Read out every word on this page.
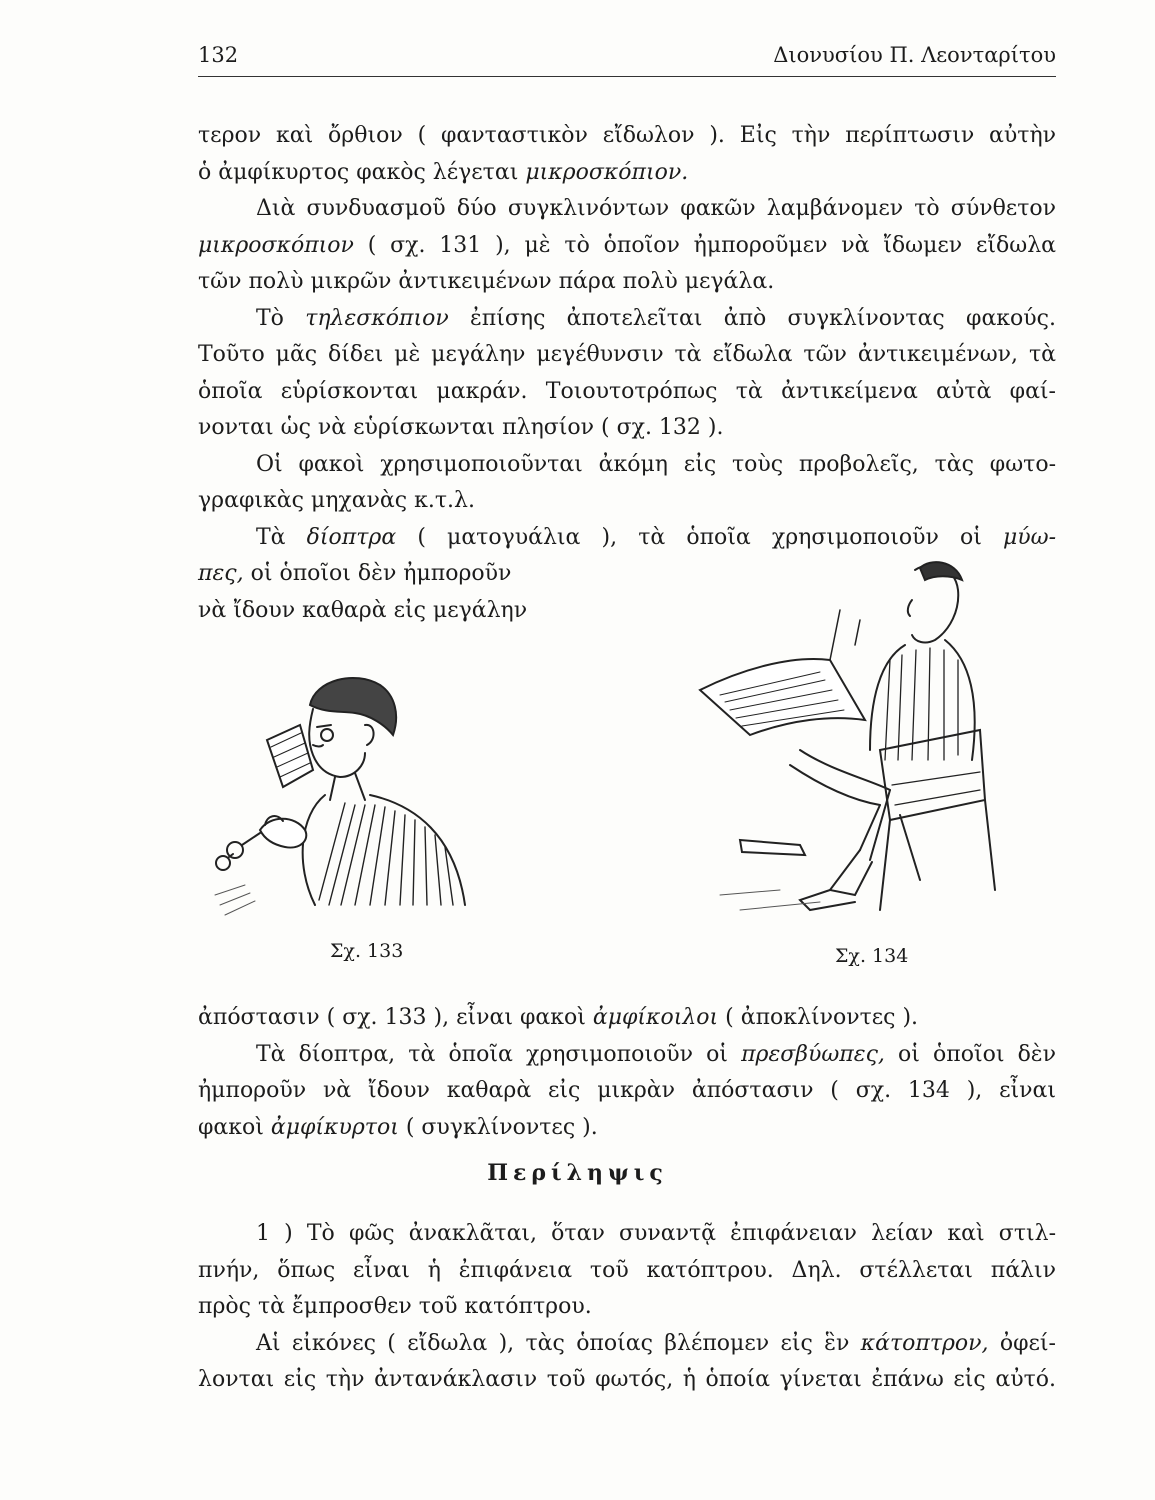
132	Διονυσίου Π. Λεονταρίτου
τερον καὶ ὄρθιον ( φανταστικὸν εἴδωλον ). Εἰς τὴν περίπτωσιν αὐτὴν
ὁ ἀμφίκυρτος φακὸς λέγεται μικροσκόπιον.
Διὰ συνδυασμοῦ δύο συγκλινόντων φακῶν λαμβάνομεν τὸ σύνθετον
μικροσκόπιον ( σχ. 131 ), μὲ τὸ ὁποῖον ἠμποροῦμεν νὰ ἴδωμεν εἴδωλα
τῶν πολὺ μικρῶν ἀντικειμένων πάρα πολὺ μεγάλα.
Τὸ τηλεσκόπιον ἐπίσης ἀποτελεῖται ἀπὸ συγκλίνοντας φακούς.
Τοῦτο μᾶς δίδει μὲ μεγάλην μεγέθυνσιν τὰ εἴδωλα τῶν ἀντικειμένων, τὰ
ὁποῖα εὑρίσκονται μακράν. Τοιουτοτρόπως τὰ ἀντικείμενα αὐτὰ φαί-
νονται ὡς νὰ εὑρίσκωνται πλησίον ( σχ. 132 ).
Οἱ φακοὶ χρησιμοποιοῦνται ἀκόμη εἰς τοὺς προβολεῖς, τὰς φωτο-
γραφικὰς μηχανὰς κ.τ.λ.
Τὰ δίοπτρα ( ματογυάλια ), τὰ ὁποῖα χρησιμοποιοῦν οἱ μύω-
πες, οἱ ὁποῖοι δὲν ἠμποροῦν
νὰ ἴδουν καθαρὰ εἰς μεγάλην
Σχ. 133	Σχ. 134
ἀπόστασιν ( σχ. 133 ), εἶναι φακοὶ ἀμφίκοιλοι ( ἀποκλίνοντες ).
Τὰ δίοπτρα, τὰ ὁποῖα χρησιμοποιοῦν οἱ πρεσβύωπες, οἱ ὁποῖοι δὲν
ἠμποροῦν νὰ ἴδουν καθαρὰ εἰς μικρὰν ἀπόστασιν ( σχ. 134 ), εἶναι
φακοὶ ἀμφίκυρτοι ( συγκλίνοντες ).
Περίληψις
1 ) Τὸ φῶς ἀνακλᾶται, ὅταν συναντᾷ ἐπιφάνειαν λείαν καὶ στιλ-
πνήν, ὅπως εἶναι ἡ ἐπιφάνεια τοῦ κατόπτρου. Δηλ. στέλλεται πάλιν
πρὸς τὰ ἔμπροσθεν τοῦ κατόπτρου.
Αἱ εἰκόνες ( εἴδωλα ), τὰς ὁποίας βλέπομεν εἰς ἓν κάτοπτρον, ὀφεί-
λονται εἰς τὴν ἀντανάκλασιν τοῦ φωτός, ἡ ὁποία γίνεται ἐπάνω εἰς αὐτό.
